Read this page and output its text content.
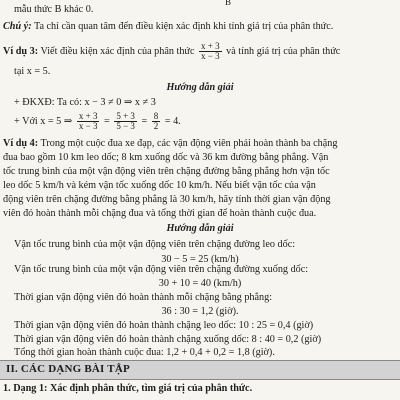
B
mẫu thức B khác 0.
Chú ý: Ta chỉ cần quan tâm đến điều kiện xác định khi tính giá trị của phân thức.
Ví dụ 3: Viết điều kiện xác định của phân thức $\frac{x + 3}{x - 3}$ và tính giá trị của phân thức
tại x = 5.
Hướng dẫn giải
+ ĐKXĐ: Ta có: x − 3 ≠ 0 ⇒ x ≠ 3
+ Với x = 5 ⇒ $\frac{x + 3}{x - 3} = \frac{5 + 3}{5 - 3} = \frac{8}{2} = 4$.
Ví dụ 4: Trong một cuộc đua xe đạp, các vận động viên phải hoàn thành ba chặng
đua bao gồm 10 km leo dốc; 8 km xuống dốc và 36 km đường bằng phẳng. Vận
tốc trung bình của một vận động viên trên chặng đường bằng phẳng hơn vận tốc
leo dốc 5 km/h và kém vận tốc xuống dốc 10 km/h. Nếu biết vận tốc của vận
động viên trên chặng đường bằng phẳng là 30 km/h, hãy tính thời gian vận động
viên đó hoàn thành mỗi chặng đua và tổng thời gian để hoàn thành cuộc đua.
Hướng dẫn giải
Vận tốc trung bình của một vận động viên trên chặng đường leo dốc:
30 − 5 = 25 (km/h)
Vận tốc trung bình của một vận động viên trên chặng đường xuống dốc:
30 + 10 = 40 (km/h)
Thời gian vận động viên đó hoàn thành mỗi chặng bằng phẳng:
36 : 30 = 1,2 (giờ).
Thời gian vận động viên đó hoàn thành chặng leo dốc: 10 : 25 = 0,4 (giờ)
Thời gian vận động viên đó hoàn thành chặng xuống dốc: 8 : 40 = 0,2 (giờ)
II. CÁC DẠNG BÀI TẬP
1. Dạng 1: Xác định phân thức, tìm giá trị của phân thức.
Tổng thời gian hoàn thành cuộc đua: 1,2 + 0,4 + 0,2 = 1,8 (giờ).
